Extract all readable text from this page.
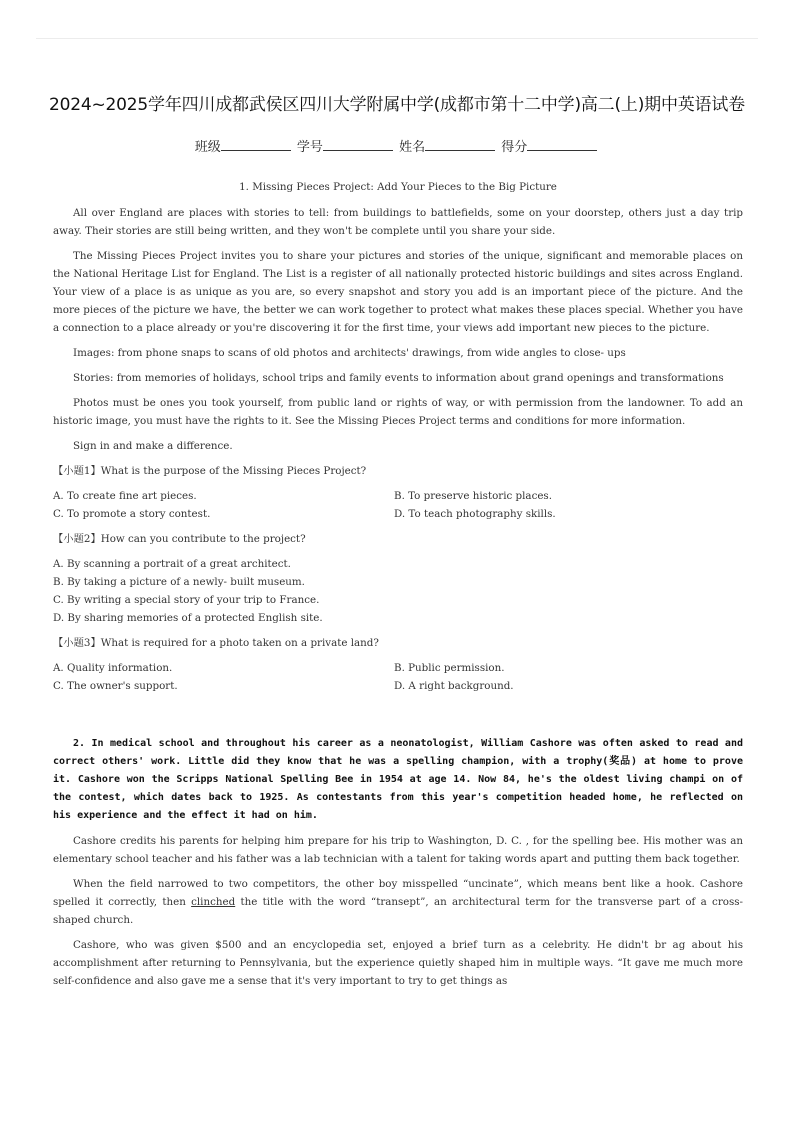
2024~2025学年四川成都武侯区四川大学附属中学(成都市第十二中学)高二(上)期中英语试卷
班级	学号	姓名	得分

1. Missing Pieces Project: Add Your Pieces to the Big Picture

All over England are places with stories to tell: from buildings to battlefields, some on your doorstep, others just a day trip away. Their stories are still being written, and they won't be complete until you share your side.

The Missing Pieces Project invites you to share your pictures and stories of the unique, significant and memorable places on the National Heritage List for England. The List is a register of all nationally protected historic buildings and sites across England. Your view of a place is as unique as you are, so every snapshot and story you add is an important piece of the picture. And the more pieces of the picture we have, the better we can work together to protect what makes these places special. Whether you have a connection to a place already or you're discovering it for the first time, your views add important new pieces to the picture.

Images: from phone snaps to scans of old photos and architects' drawings, from wide angles to close- ups

Stories: from memories of holidays, school trips and family events to information about grand openings and transformations

Photos must be ones you took yourself, from public land or rights of way, or with permission from the landowner. To add an historic image, you must have the rights to it. See the Missing Pieces Project terms and conditions for more information.

Sign in and make a difference.

【小题1】What is the purpose of the Missing Pieces Project?

A. To create fine art pieces.	B. To preserve historic places.
C. To promote a story contest.	D. To teach photography skills.

【小题2】How can you contribute to the project?

A. By scanning a portrait of a great architect.
B. By taking a picture of a newly- built museum.
C. By writing a special story of your trip to France.
D. By sharing memories of a protected English site.

【小题3】What is required for a photo taken on a private land?

A. Quality information.	B. Public permission.
C. The owner's support.	D. A right background.

2. In medical school and throughout his career as a neonatologist, William Cashore was often asked to read and correct others' work. Little did they know that he was a spelling champion, with a trophy(奖品) at home to prove it. Cashore won the Scripps National Spelling Bee in 1954 at age 14. Now 84, he's the oldest living champi on of the contest, which dates back to 1925. As contestants from this year's competition headed home, he reflected on his experience and the effect it had on him.

Cashore credits his parents for helping him prepare for his trip to Washington, D. C. , for the spelling bee. His mother was an elementary school teacher and his father was a lab technician with a talent for taking words apart and putting them back together.

When the field narrowed to two competitors, the other boy misspelled “uncinate”, which means bent like a hook. Cashore spelled it correctly, then clinched the title with the word “transept”, an architectural term for the transverse part of a cross- shaped church.

Cashore, who was given $500 and an encyclopedia set, enjoyed a brief turn as a celebrity. He didn't br ag about his accomplishment after returning to Pennsylvania, but the experience quietly shaped him in multiple ways. “It gave me much more self-confidence and also gave me a sense that it's very important to try to get things as
